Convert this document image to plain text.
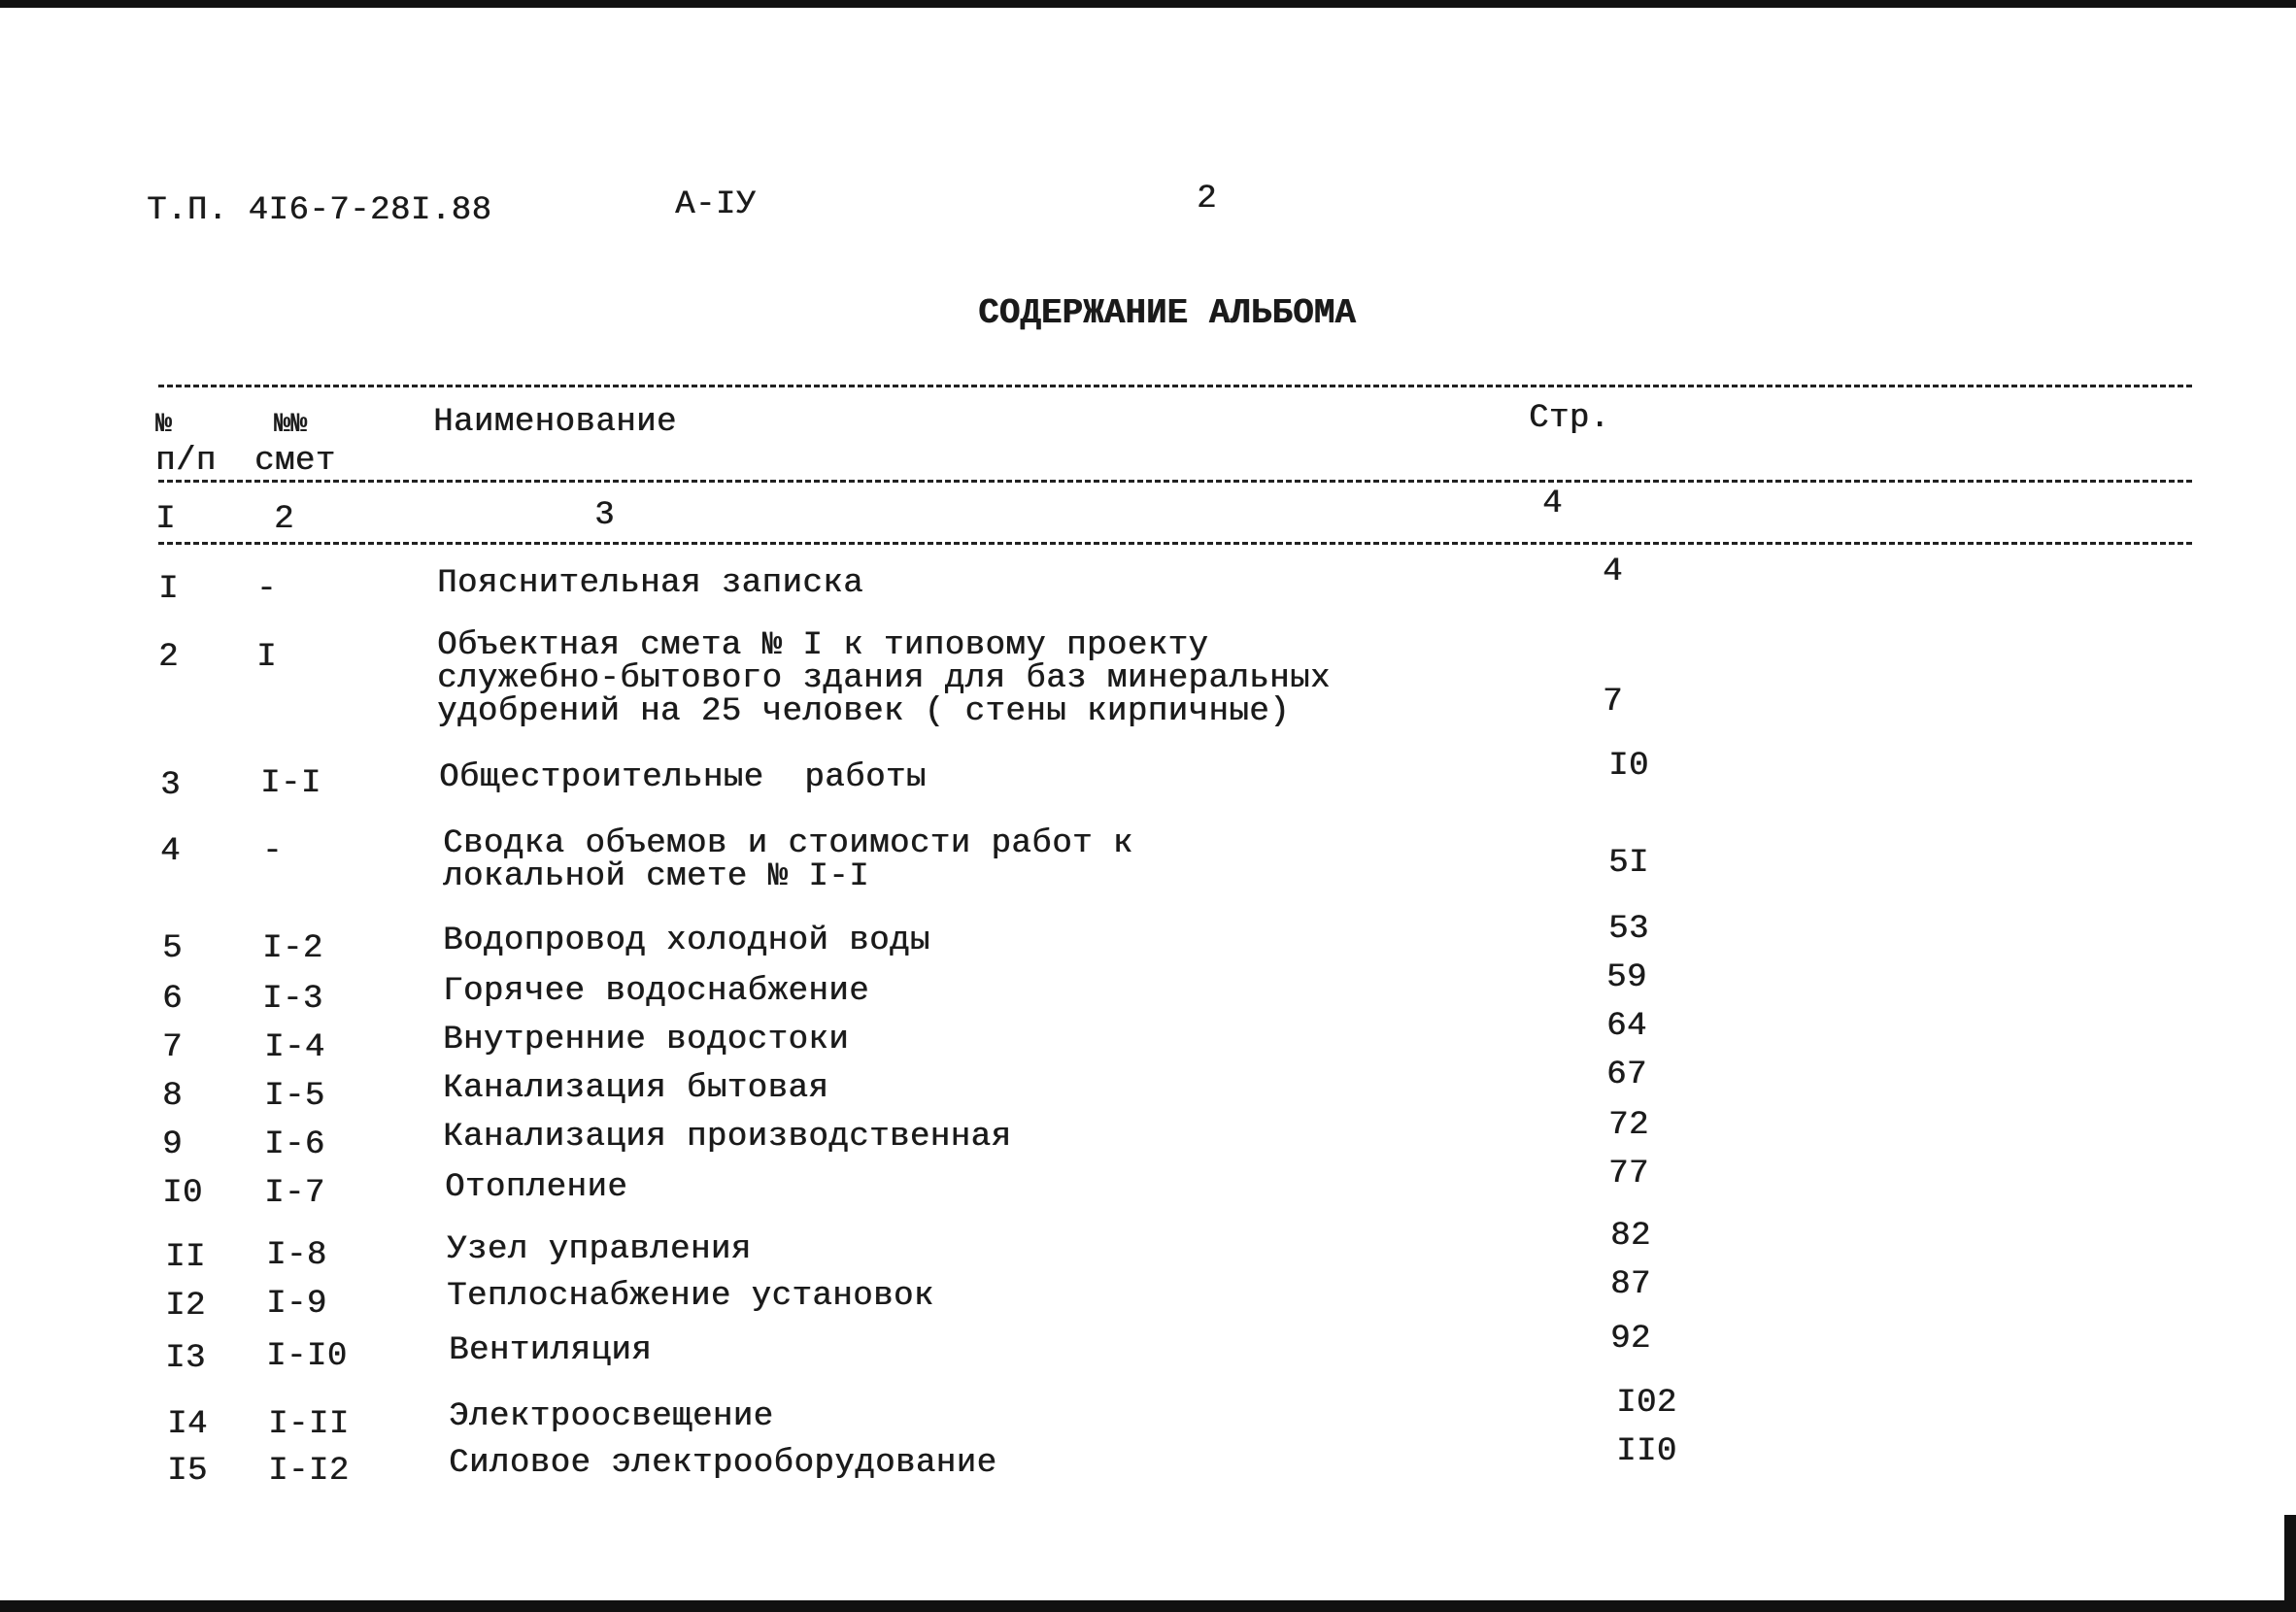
Т.П. 4I6-7-28I.88	А-IУ	2
СОДЕРЖАНИЕ АЛЬБОМА
№
п/п
№№
смет
Наименование	Стр.
I	2	3	4
I -	Пояснительная записка	4
2 I	Объектная смета № I к типовому проекту
служебно-бытового здания для баз минеральных
удобрений на 25 человек ( стены кирпичные)	7
3 I-I	Общестроительные  работы	I0
4 -	Сводка объемов и стоимости работ к
локальной смете № I-I	5I
5 I-2	Водопровод холодной воды	53
6 I-3	Горячее водоснабжение	59
7 I-4	Внутренние водостоки	64
8 I-5	Канализация бытовая	67
9 I-6	Канализация производственная	72
I0 I-7	Отопление	77
II I-8	Узел управления	82
I2 I-9	Теплоснабжение установок	87
I3 I-I0	Вентиляция	92
I4 I-II	Электроосвещение	I02
I5 I-I2	Силовое электрооборудование	II0
